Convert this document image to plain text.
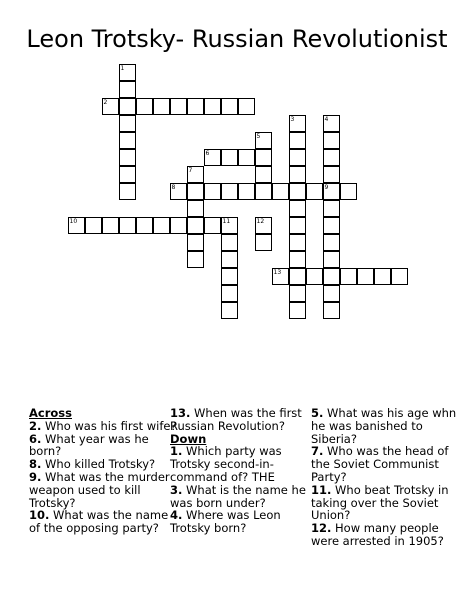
Leon Trotsky- Russian Revolutionist
1
2
3	4
9
5
6
7
8
10	11	12
13
Across
2. Who was his first wife?
6. What year was he born?
8. Who killed Trotsky?
9. What was the murder weapon used to kill Trotsky?
10. What was the name of the opposing party?
13. When was the first Russian Revolution?
Down
1. Which party was Trotsky second-in-command of? THE
3. What is the name he was born under?
4. Where was Leon Trotsky born?
5. What was his age whn he was banished to Siberia?
7. Who was the head of the Soviet Communist Party?
11. Who beat Trotsky in taking over the Soviet Union?
12. How many people were arrested in 1905?
